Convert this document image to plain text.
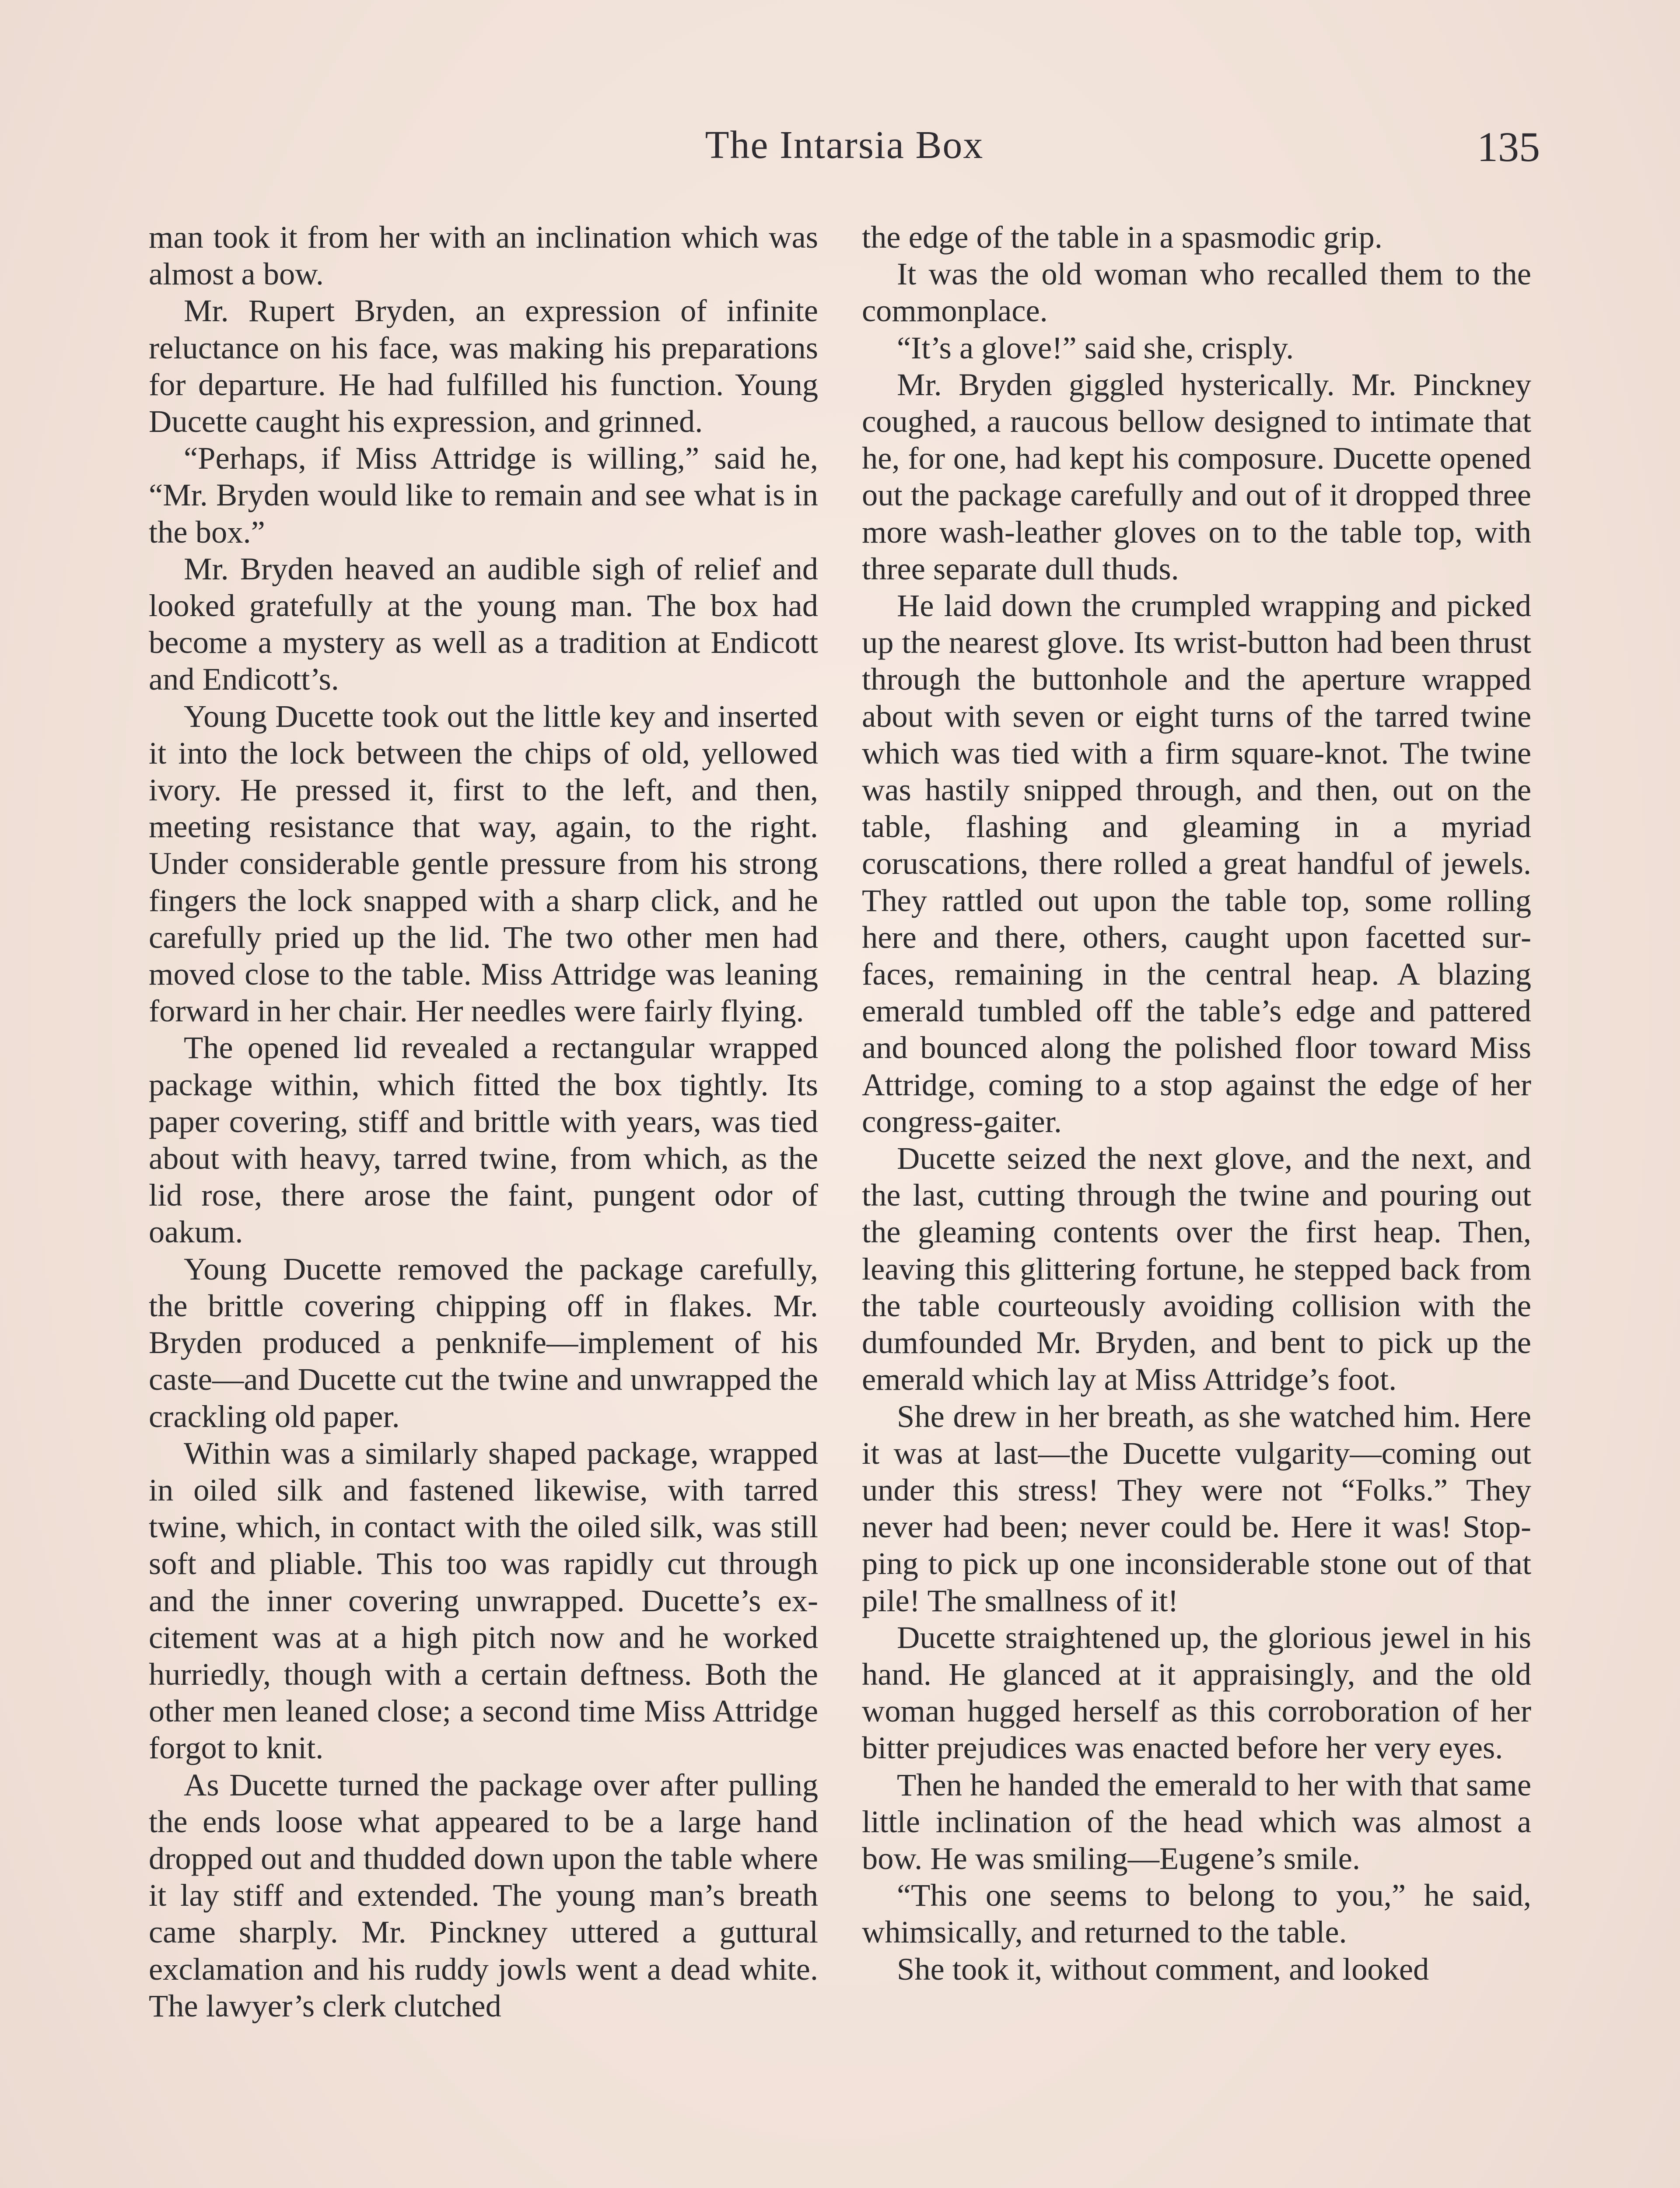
The Intarsia Box	135

man took it from her with an inclination which was almost a bow.

Mr. Rupert Bryden, an expression of infinite reluctance on his face, was making his preparations for departure. He had fulfilled his function. Young Ducette caught his expression, and grinned.

“Perhaps, if Miss Attridge is willing,” said he, “Mr. Bryden would like to remain and see what is in the box.”

Mr. Bryden heaved an audible sigh of relief and looked gratefully at the young man. The box had become a mystery as well as a tradition at Endicott and Endicott’s.

Young Ducette took out the little key and inserted it into the lock between the chips of old, yellowed ivory. He pressed it, first to the left, and then, meeting resistance that way, again, to the right. Under considerable gentle pressure from his strong fingers the lock snapped with a sharp click, and he carefully pried up the lid. The two other men had moved close to the table. Miss Attridge was leaning forward in her chair. Her needles were fairly flying.

The opened lid revealed a rectangular wrapped package within, which fitted the box tightly. Its paper covering, stiff and brittle with years, was tied about with heavy, tarred twine, from which, as the lid rose, there arose the faint, pungent odor of oakum.

Young Ducette removed the package carefully, the brittle covering chipping off in flakes. Mr. Bryden produced a penknife—implement of his caste—and Ducette cut the twine and unwrapped the crackling old paper.

Within was a similarly shaped package, wrapped in oiled silk and fastened likewise, with tarred twine, which, in contact with the oiled silk, was still soft and pliable. This too was rapidly cut through and the inner covering unwrapped. Ducette’s excitement was at a high pitch now and he worked hurriedly, though with a certain deftness. Both the other men leaned close; a second time Miss Attridge forgot to knit.

As Ducette turned the package over after pulling the ends loose what appeared to be a large hand dropped out and thudded down upon the table where it lay stiff and extended. The young man’s breath came sharply. Mr. Pinckney uttered a guttural exclamation and his ruddy jowls went a dead white. The lawyer’s clerk clutched

the edge of the table in a spasmodic grip.

It was the old woman who recalled them to the commonplace.

“It’s a glove!” said she, crisply.

Mr. Bryden giggled hysterically. Mr. Pinckney coughed, a raucous bellow designed to intimate that he, for one, had kept his composure. Ducette opened out the package carefully and out of it dropped three more wash-leather gloves on to the table top, with three separate dull thuds.

He laid down the crumpled wrapping and picked up the nearest glove. Its wrist-button had been thrust through the buttonhole and the aperture wrapped about with seven or eight turns of the tarred twine which was tied with a firm square-knot. The twine was hastily snipped through, and then, out on the table, flashing and gleaming in a myriad coruscations, there rolled a great handful of jewels. They rattled out upon the table top, some rolling here and there, others, caught upon facetted surfaces, remaining in the central heap. A blazing emerald tumbled off the table’s edge and pattered and bounced along the polished floor toward Miss Attridge, coming to a stop against the edge of her congress-gaiter.

Ducette seized the next glove, and the next, and the last, cutting through the twine and pouring out the gleaming contents over the first heap. Then, leaving this glittering fortune, he stepped back from the table courteously avoiding collision with the dumfounded Mr. Bryden, and bent to pick up the emerald which lay at Miss Attridge’s foot.

She drew in her breath, as she watched him. Here it was at last—the Ducette vulgarity—coming out under this stress! They were not “Folks.” They never had been; never could be. Here it was! Stopping to pick up one inconsiderable stone out of that pile! The smallness of it!

Ducette straightened up, the glorious jewel in his hand. He glanced at it appraisingly, and the old woman hugged herself as this corroboration of her bitter prejudices was enacted before her very eyes.

Then he handed the emerald to her with that same little inclination of the head which was almost a bow. He was smiling—Eugene’s smile.

“This one seems to belong to you,” he said, whimsically, and returned to the table.

She took it, without comment, and looked
